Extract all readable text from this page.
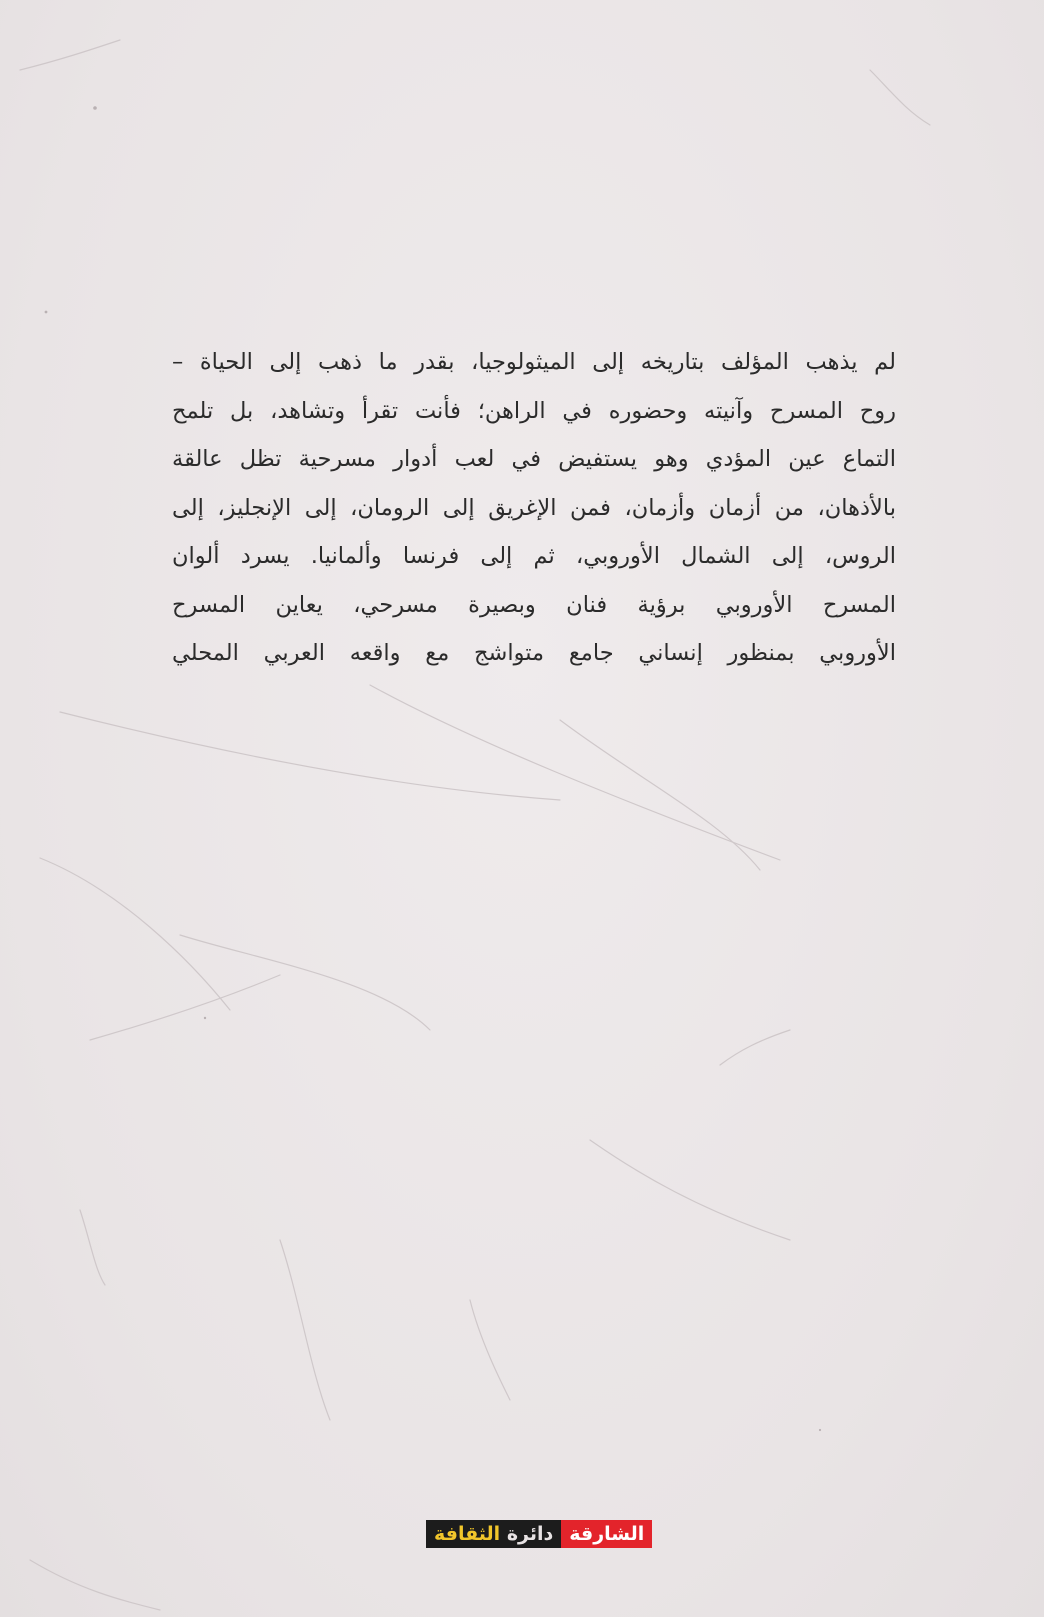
لم يذهب المؤلف بتاريخه إلى الميثولوجيا، بقدر ما ذهب إلى الحياة –
روح المسرح وآنيته وحضوره في الراهن؛ فأنت تقرأ وتشاهد، بل تلمح
التماع عين المؤدي وهو يستفيض في لعب أدوار مسرحية تظل عالقة
بالأذهان، من أزمان وأزمان، فمن الإغريق إلى الرومان، إلى الإنجليز، إلى
الروس، إلى الشمال الأوروبي، ثم إلى فرنسا وألمانيا. يسرد ألوان
المسرح الأوروبي برؤية فنان وبصيرة مسرحي، يعاين المسرح
الأوروبي بمنظور إنساني جامع متواشج مع واقعه العربي المحلي
دائرة الثقافة	الشارقة
